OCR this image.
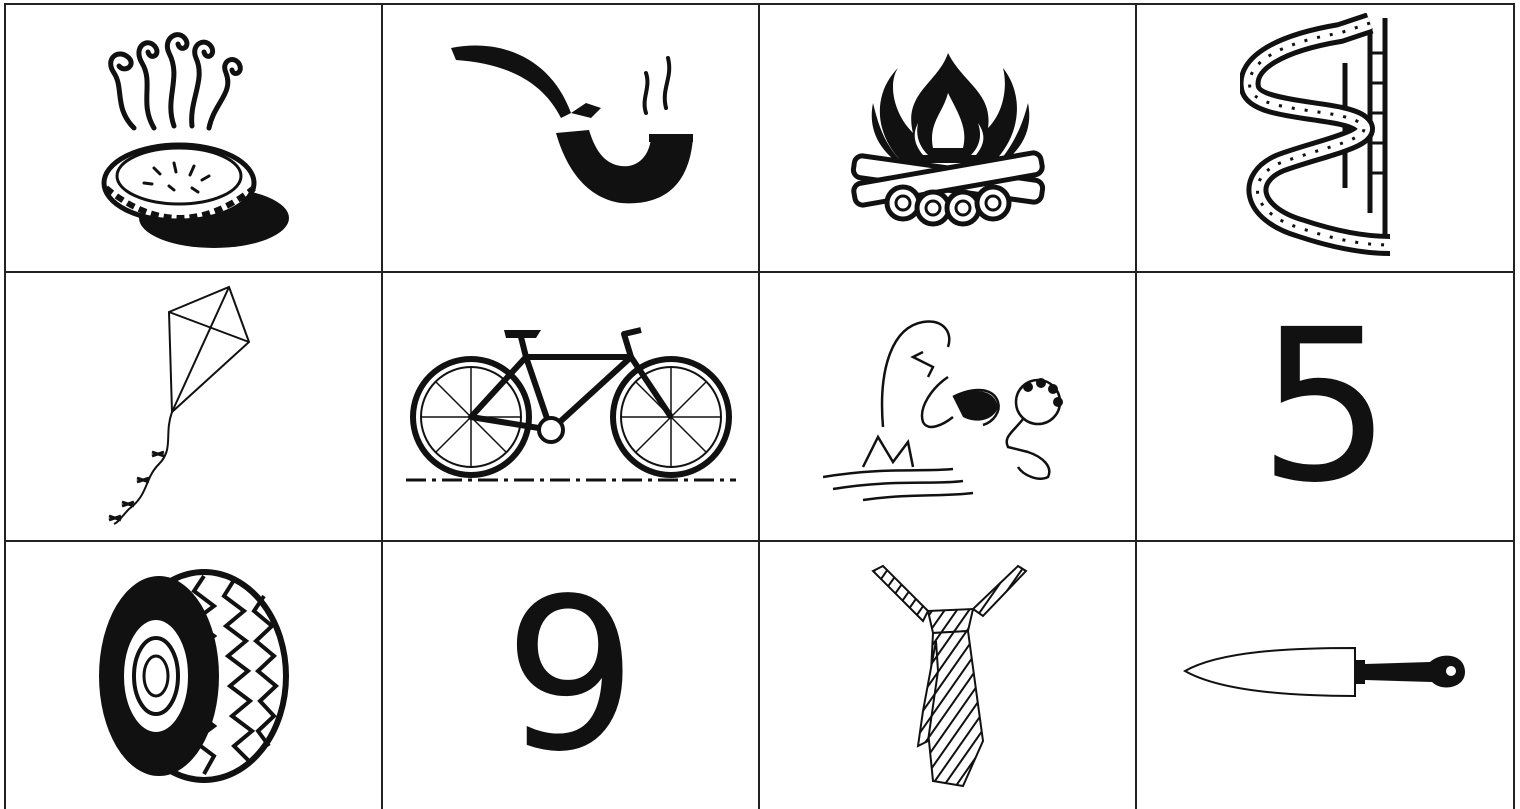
5
9
